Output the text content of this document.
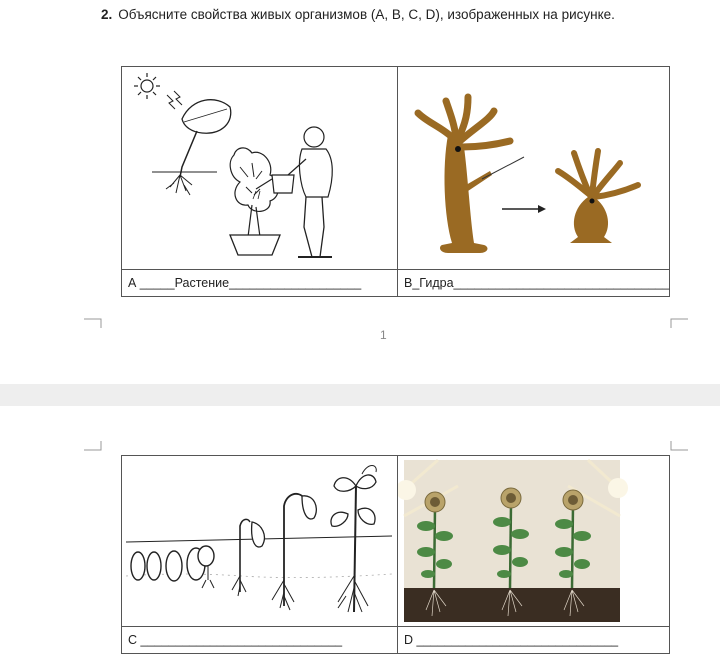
2. Объясните свойства живых организмов (A, B, C, D), изображенных на рисунке.

А _____Растение___________________	В_Гидра_______________________________
1

С _____________________________	D _____________________________
